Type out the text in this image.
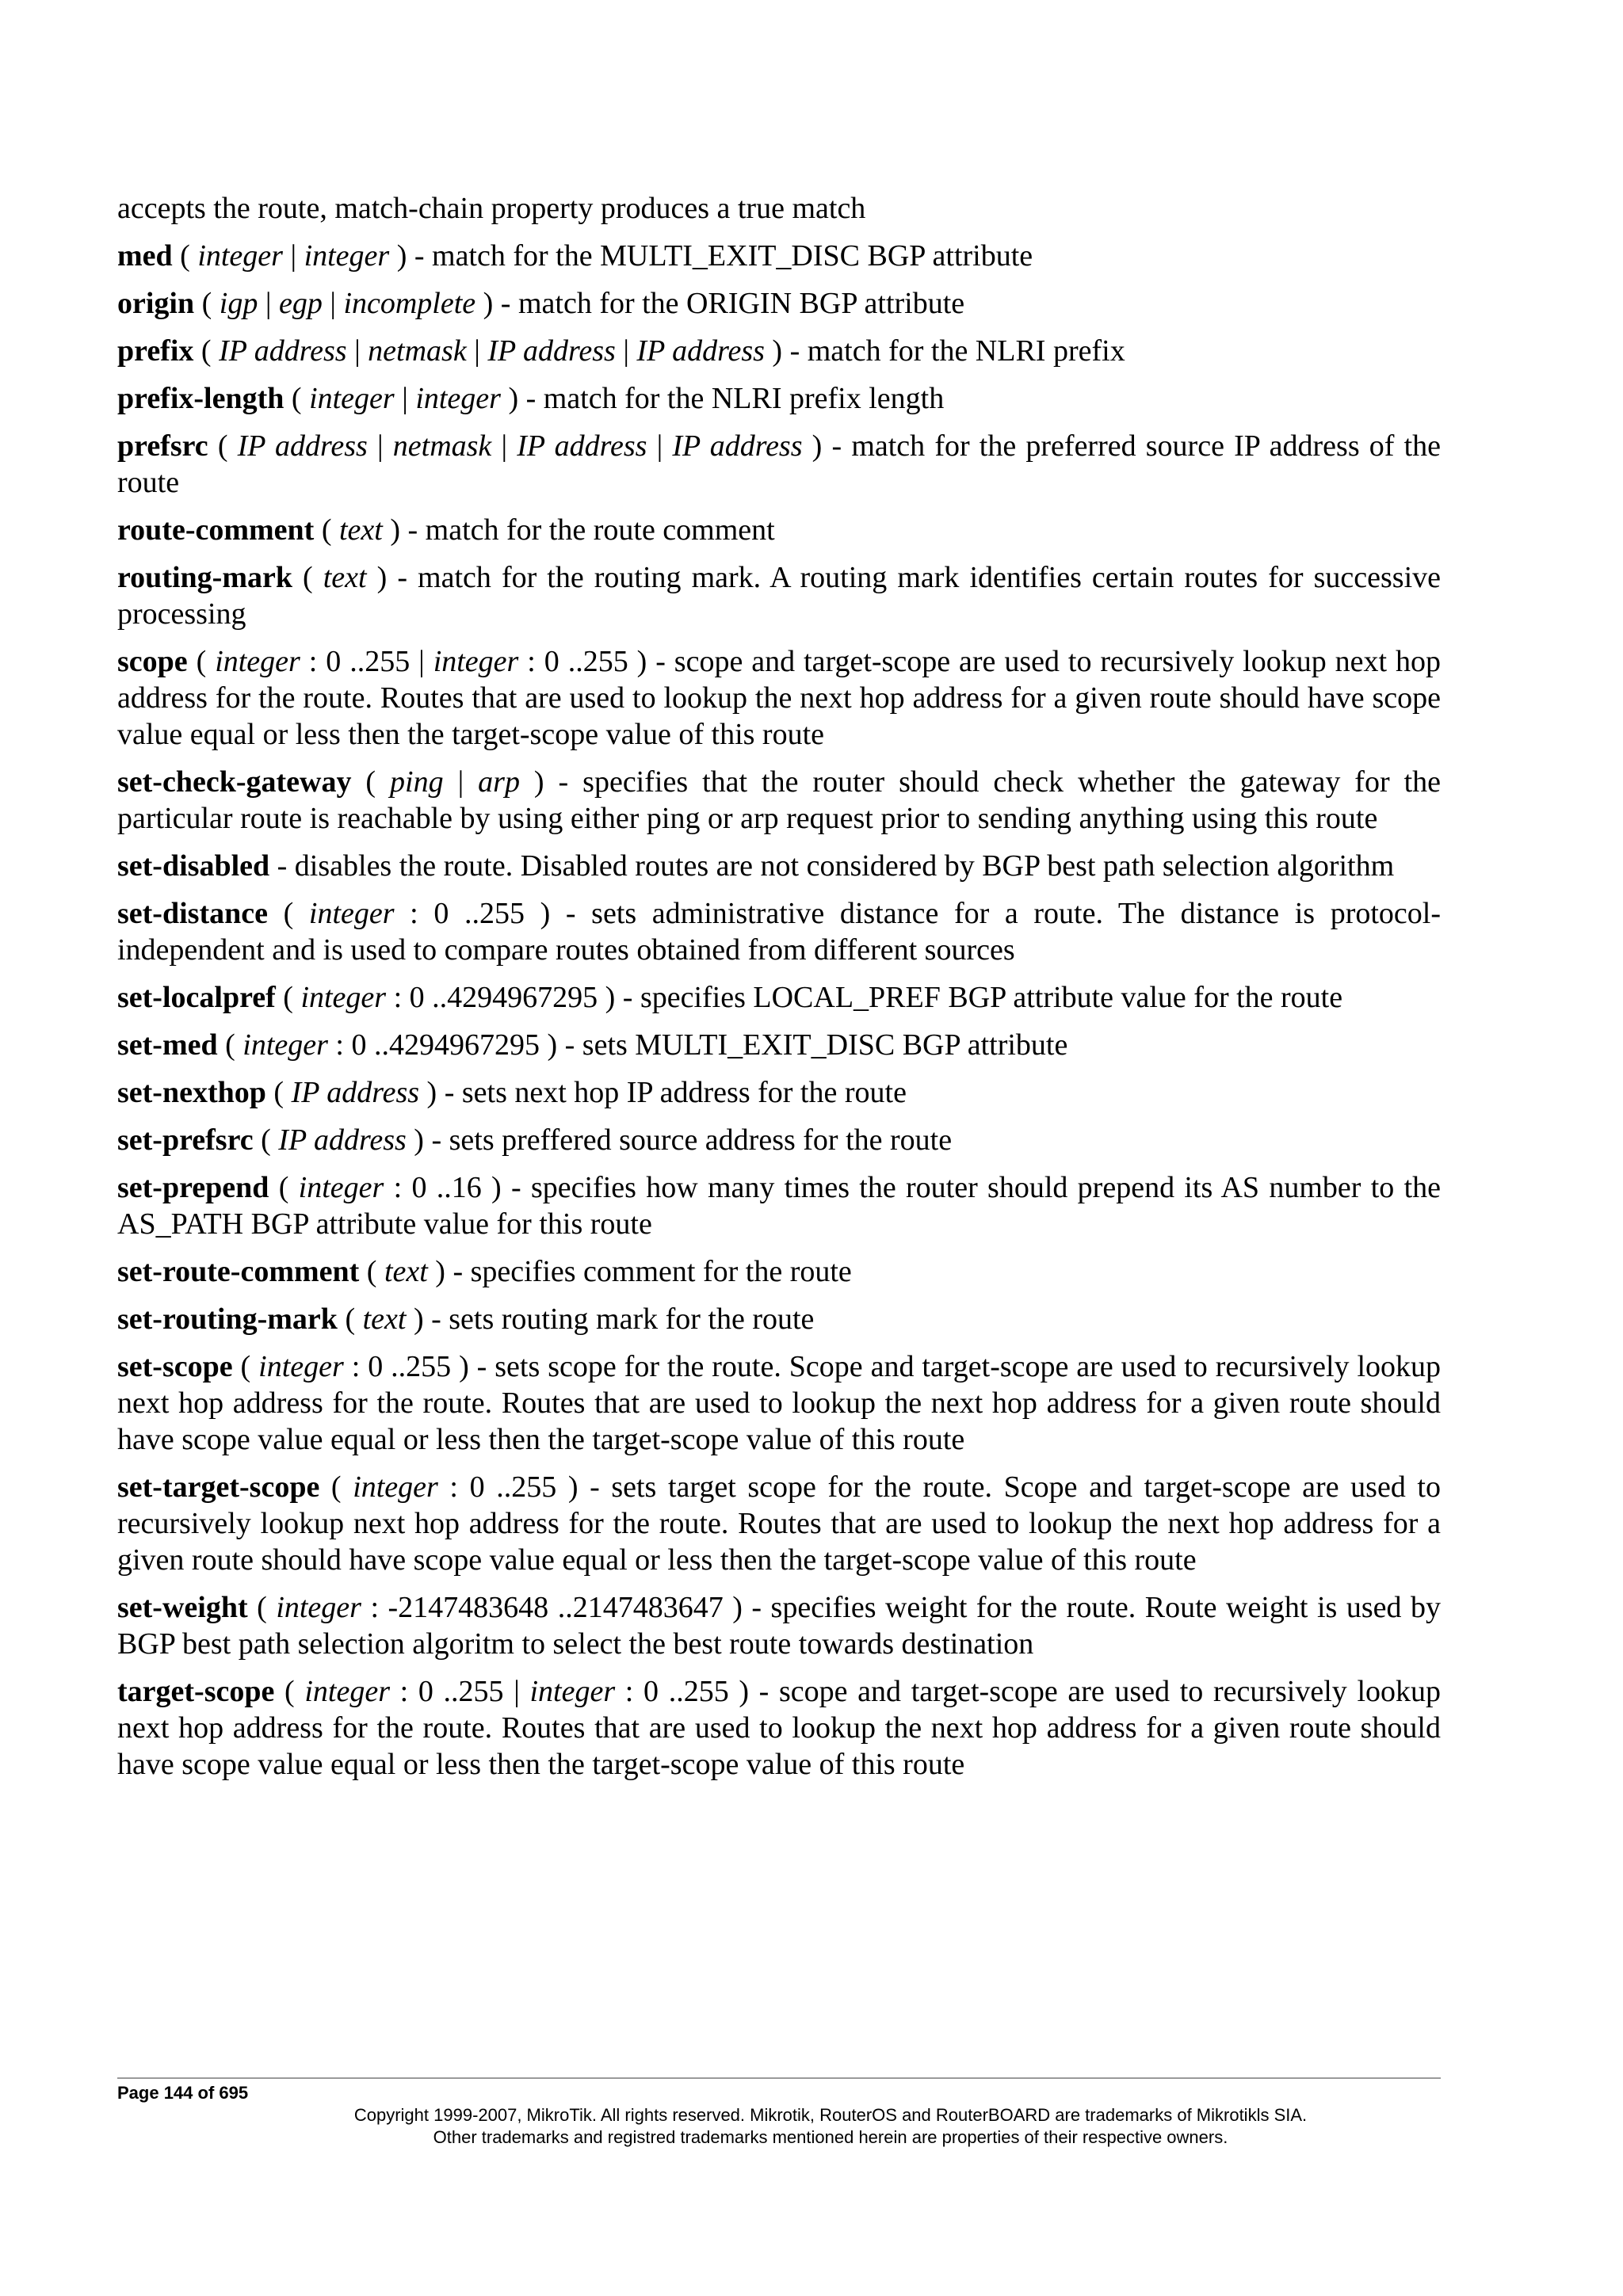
accepts the route, match-chain property produces a true match

med ( integer | integer ) - match for the MULTI_EXIT_DISC BGP attribute

origin ( igp | egp | incomplete ) - match for the ORIGIN BGP attribute

prefix ( IP address | netmask | IP address | IP address ) - match for the NLRI prefix

prefix-length ( integer | integer ) - match for the NLRI prefix length

prefsrc ( IP address | netmask | IP address | IP address ) - match for the preferred source IP address of the route

route-comment ( text ) - match for the route comment

routing-mark ( text ) - match for the routing mark. A routing mark identifies certain routes for successive processing

scope ( integer : 0 ..255 | integer : 0 ..255 ) - scope and target-scope are used to recursively lookup next hop address for the route. Routes that are used to lookup the next hop address for a given route should have scope value equal or less then the target-scope value of this route

set-check-gateway ( ping | arp ) - specifies that the router should check whether the gateway for the particular route is reachable by using either ping or arp request prior to sending anything using this route

set-disabled - disables the route. Disabled routes are not considered by BGP best path selection algorithm

set-distance ( integer : 0 ..255 ) - sets administrative distance for a route. The distance is protocol-independent and is used to compare routes obtained from different sources

set-localpref ( integer : 0 ..4294967295 ) - specifies LOCAL_PREF BGP attribute value for the route

set-med ( integer : 0 ..4294967295 ) - sets MULTI_EXIT_DISC BGP attribute

set-nexthop ( IP address ) - sets next hop IP address for the route

set-prefsrc ( IP address ) - sets preffered source address for the route

set-prepend ( integer : 0 ..16 ) - specifies how many times the router should prepend its AS number to the AS_PATH BGP attribute value for this route

set-route-comment ( text ) - specifies comment for the route

set-routing-mark ( text ) - sets routing mark for the route

set-scope ( integer : 0 ..255 ) - sets scope for the route. Scope and target-scope are used to recursively lookup next hop address for the route. Routes that are used to lookup the next hop address for a given route should have scope value equal or less then the target-scope value of this route

set-target-scope ( integer : 0 ..255 ) - sets target scope for the route. Scope and target-scope are used to recursively lookup next hop address for the route. Routes that are used to lookup the next hop address for a given route should have scope value equal or less then the target-scope value of this route

set-weight ( integer : -2147483648 ..2147483647 ) - specifies weight for the route. Route weight is used by BGP best path selection algoritm to select the best route towards destination

target-scope ( integer : 0 ..255 | integer : 0 ..255 ) - scope and target-scope are used to recursively lookup next hop address for the route. Routes that are used to lookup the next hop address for a given route should have scope value equal or less then the target-scope value of this route

Page 144 of 695
Copyright 1999-2007, MikroTik. All rights reserved. Mikrotik, RouterOS and RouterBOARD are trademarks of Mikrotikls SIA.
Other trademarks and registred trademarks mentioned herein are properties of their respective owners.
